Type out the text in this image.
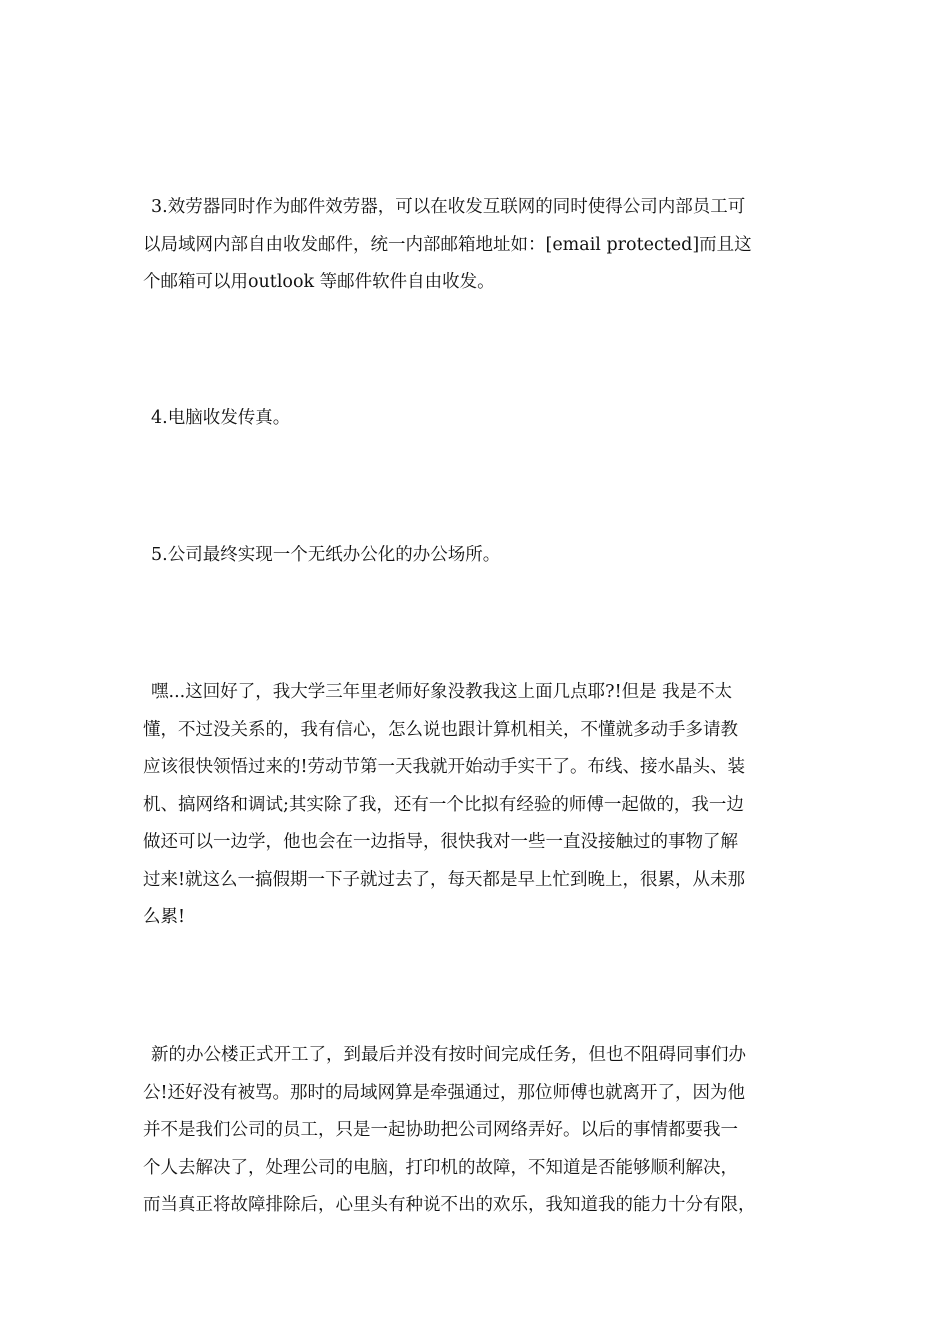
3.效劳器同时作为邮件效劳器，可以在收发互联网的同时使得公司内部员工可
以局域网内部自由收发邮件，统一内部邮箱地址如：[email protected]而且这
个邮箱可以用outlook 等邮件软件自由收发。

4.电脑收发传真。

5.公司最终实现一个无纸办公化的办公场所。

嘿...这回好了，我大学三年里老师好象没教我这上面几点耶?!但是 我是不太
懂，不过没关系的，我有信心，怎么说也跟计算机相关，不懂就多动手多请教
应该很快领悟过来的!劳动节第一天我就开始动手实干了。布线、接水晶头、装
机、搞网络和调试;其实除了我，还有一个比拟有经验的师傅一起做的，我一边
做还可以一边学，他也会在一边指导，很快我对一些一直没接触过的事物了解
过来!就这么一搞假期一下子就过去了，每天都是早上忙到晚上，很累，从未那
么累!

新的办公楼正式开工了，到最后并没有按时间完成任务，但也不阻碍同事们办
公!还好没有被骂。那时的局域网算是牵强通过，那位师傅也就离开了，因为他
并不是我们公司的员工，只是一起协助把公司网络弄好。以后的事情都要我一
个人去解决了，处理公司的电脑，打印机的故障，不知道是否能够顺利解决，
而当真正将故障排除后，心里头有种说不出的欢乐，我知道我的能力十分有限，
